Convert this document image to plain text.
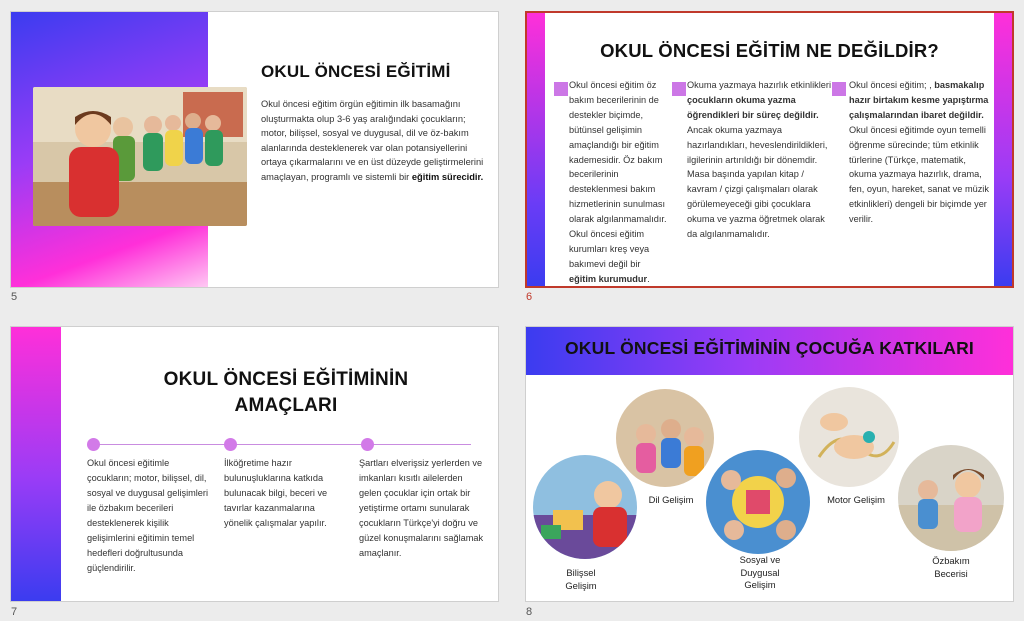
OKUL ÖNCESİ EĞİTİMİ
Okul öncesi eğitim örgün eğitimin ilk basamağını oluşturmakta olup 3-6 yaş aralığındaki çocukların; motor, bilişsel, sosyal ve duygusal, dil ve öz-bakım alanlarında desteklenerek var olan potansiyellerini ortaya çıkarmalarını ve en üst düzeyde geliştirmelerini amaçlayan, programlı ve sistemli bir eğitim sürecidir.
5
OKUL ÖNCESİ EĞİTİM NE DEĞİLDİR?
Okul öncesi eğitim öz bakım becerilerinin de destekler biçimde, bütünsel gelişimin amaçlandığı bir eğitim kademesidir. Öz bakım becerilerinin desteklenmesi bakım hizmetlerinin sunulması olarak algılanmamalıdır. Okul öncesi eğitim kurumları kreş veya bakımevi değil bir eğitim kurumudur.
Okuma yazmaya hazırlık etkinlikleri çocukların okuma yazma öğrendikleri bir süreç değildir. Ancak okuma yazmaya hazırlandıkları, heveslendirildikleri, ilgilerinin artırıldığı bir dönemdir. Masa başında yapılan kitap / kavram / çizgi çalışmaları olarak görülemeyeceği gibi çocuklara okuma ve yazma öğretmek olarak da algılanmamalıdır.
Okul öncesi eğitim; , basmakalıp hazır birtakım kesme yapıştırma çalışmalarından ibaret değildir. Okul öncesi eğitimde oyun temelli öğrenme sürecinde; tüm etkinlik türlerine (Türkçe, matematik, okuma yazmaya hazırlık, drama, fen, oyun, hareket, sanat ve müzik etkinlikleri) dengeli bir biçimde yer verilir.
6
OKUL ÖNCESİ EĞİTİMİNİN
AMAÇLARI
Okul öncesi eğitimle çocukların; motor, bilişsel, dil, sosyal ve duygusal gelişimleri ile özbakım becerileri desteklenerek kişilik gelişimlerini eğitimin temel hedefleri doğrultusunda güçlendirilir.
İlköğretime hazır bulunuşluklarına katkıda bulunacak bilgi, beceri ve tavırlar kazanmalarına yönelik çalışmalar yapılır.
Şartları elverişsiz yerlerden ve imkanları kısıtlı ailelerden gelen çocuklar için ortak bir yetiştirme ortamı sunularak çocukların Türkçe'yi doğru ve güzel konuşmalarını sağlamak amaçlanır.
7
OKUL ÖNCESİ EĞİTİMİNİN ÇOCUĞA KATKILARI
Bilişsel
Gelişim
Dil Gelişim
Sosyal ve
Duygusal
Gelişim
Motor Gelişim
Özbakım
Becerisi
8
